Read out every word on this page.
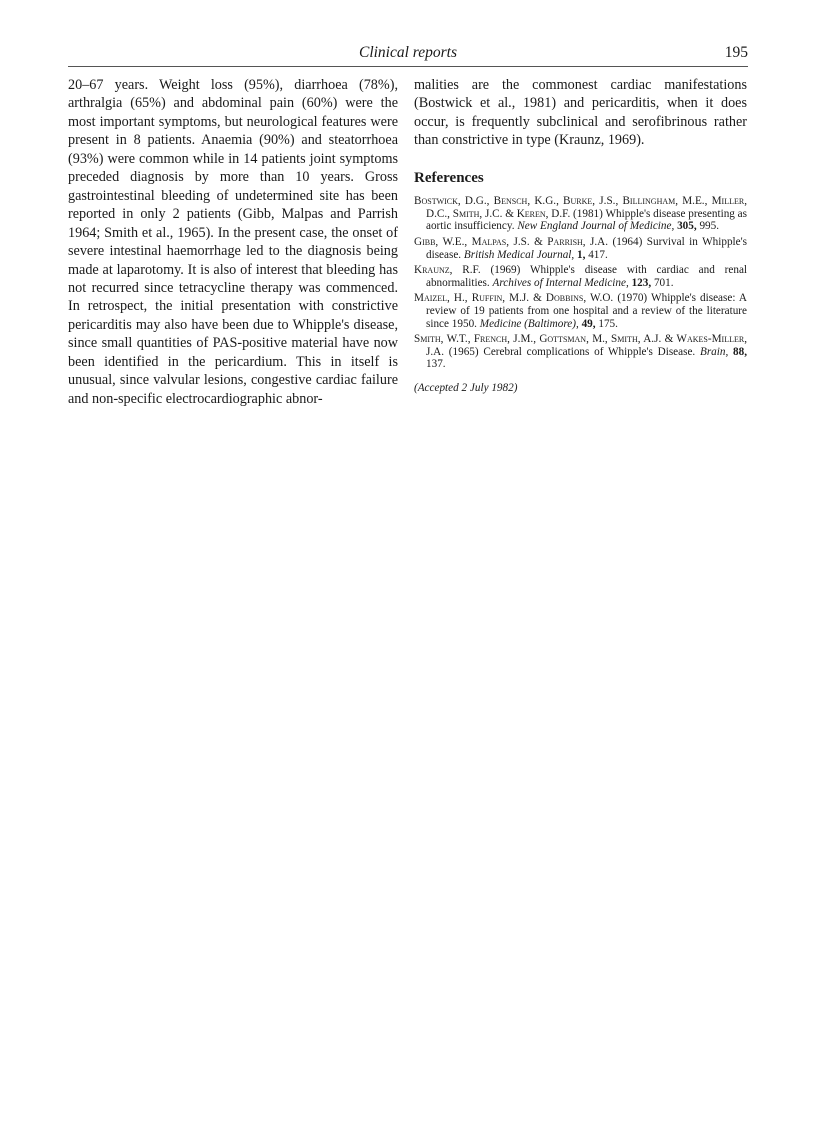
Clinical reports	195

20–67 years. Weight loss (95%), diarrhoea (78%), arthralgia (65%) and abdominal pain (60%) were the most important symptoms, but neurological features were present in 8 patients. Anaemia (90%) and steatorrhoea (93%) were common while in 14 patients joint symptoms preceded diagnosis by more than 10 years. Gross gastrointestinal bleeding of undetermined site has been reported in only 2 patients (Gibb, Malpas and Parrish 1964; Smith et al., 1965). In the present case, the onset of severe intestinal haemorrhage led to the diagnosis being made at laparotomy. It is also of interest that bleeding has not recurred since tetracycline therapy was commenced. In retrospect, the initial presentation with constrictive pericarditis may also have been due to Whipple's disease, since small quantities of PAS-positive material have now been identified in the pericardium. This in itself is unusual, since valvular lesions, congestive cardiac failure and non-specific electrocardiographic abnor-

malities are the commonest cardiac manifestations (Bostwick et al., 1981) and pericarditis, when it does occur, is frequently subclinical and serofibrinous rather than constrictive in type (Kraunz, 1969).

References

Bostwick, D.G., Bensch, K.G., Burke, J.S., Billingham, M.E., Miller, D.C., Smith, J.C. & Keren, D.F. (1981) Whipple's disease presenting as aortic insufficiency. New England Journal of Medicine, 305, 995.

Gibb, W.E., Malpas, J.S. & Parrish, J.A. (1964) Survival in Whipple's disease. British Medical Journal, 1, 417.

Kraunz, R.F. (1969) Whipple's disease with cardiac and renal abnormalities. Archives of Internal Medicine, 123, 701.

Maizel, H., Ruffin, M.J. & Dobbins, W.O. (1970) Whipple's disease: A review of 19 patients from one hospital and a review of the literature since 1950. Medicine (Baltimore), 49, 175.

Smith, W.T., French, J.M., Gottsman, M., Smith, A.J. & Wakes-Miller, J.A. (1965) Cerebral complications of Whipple's Disease. Brain, 88, 137.

(Accepted 2 July 1982)
